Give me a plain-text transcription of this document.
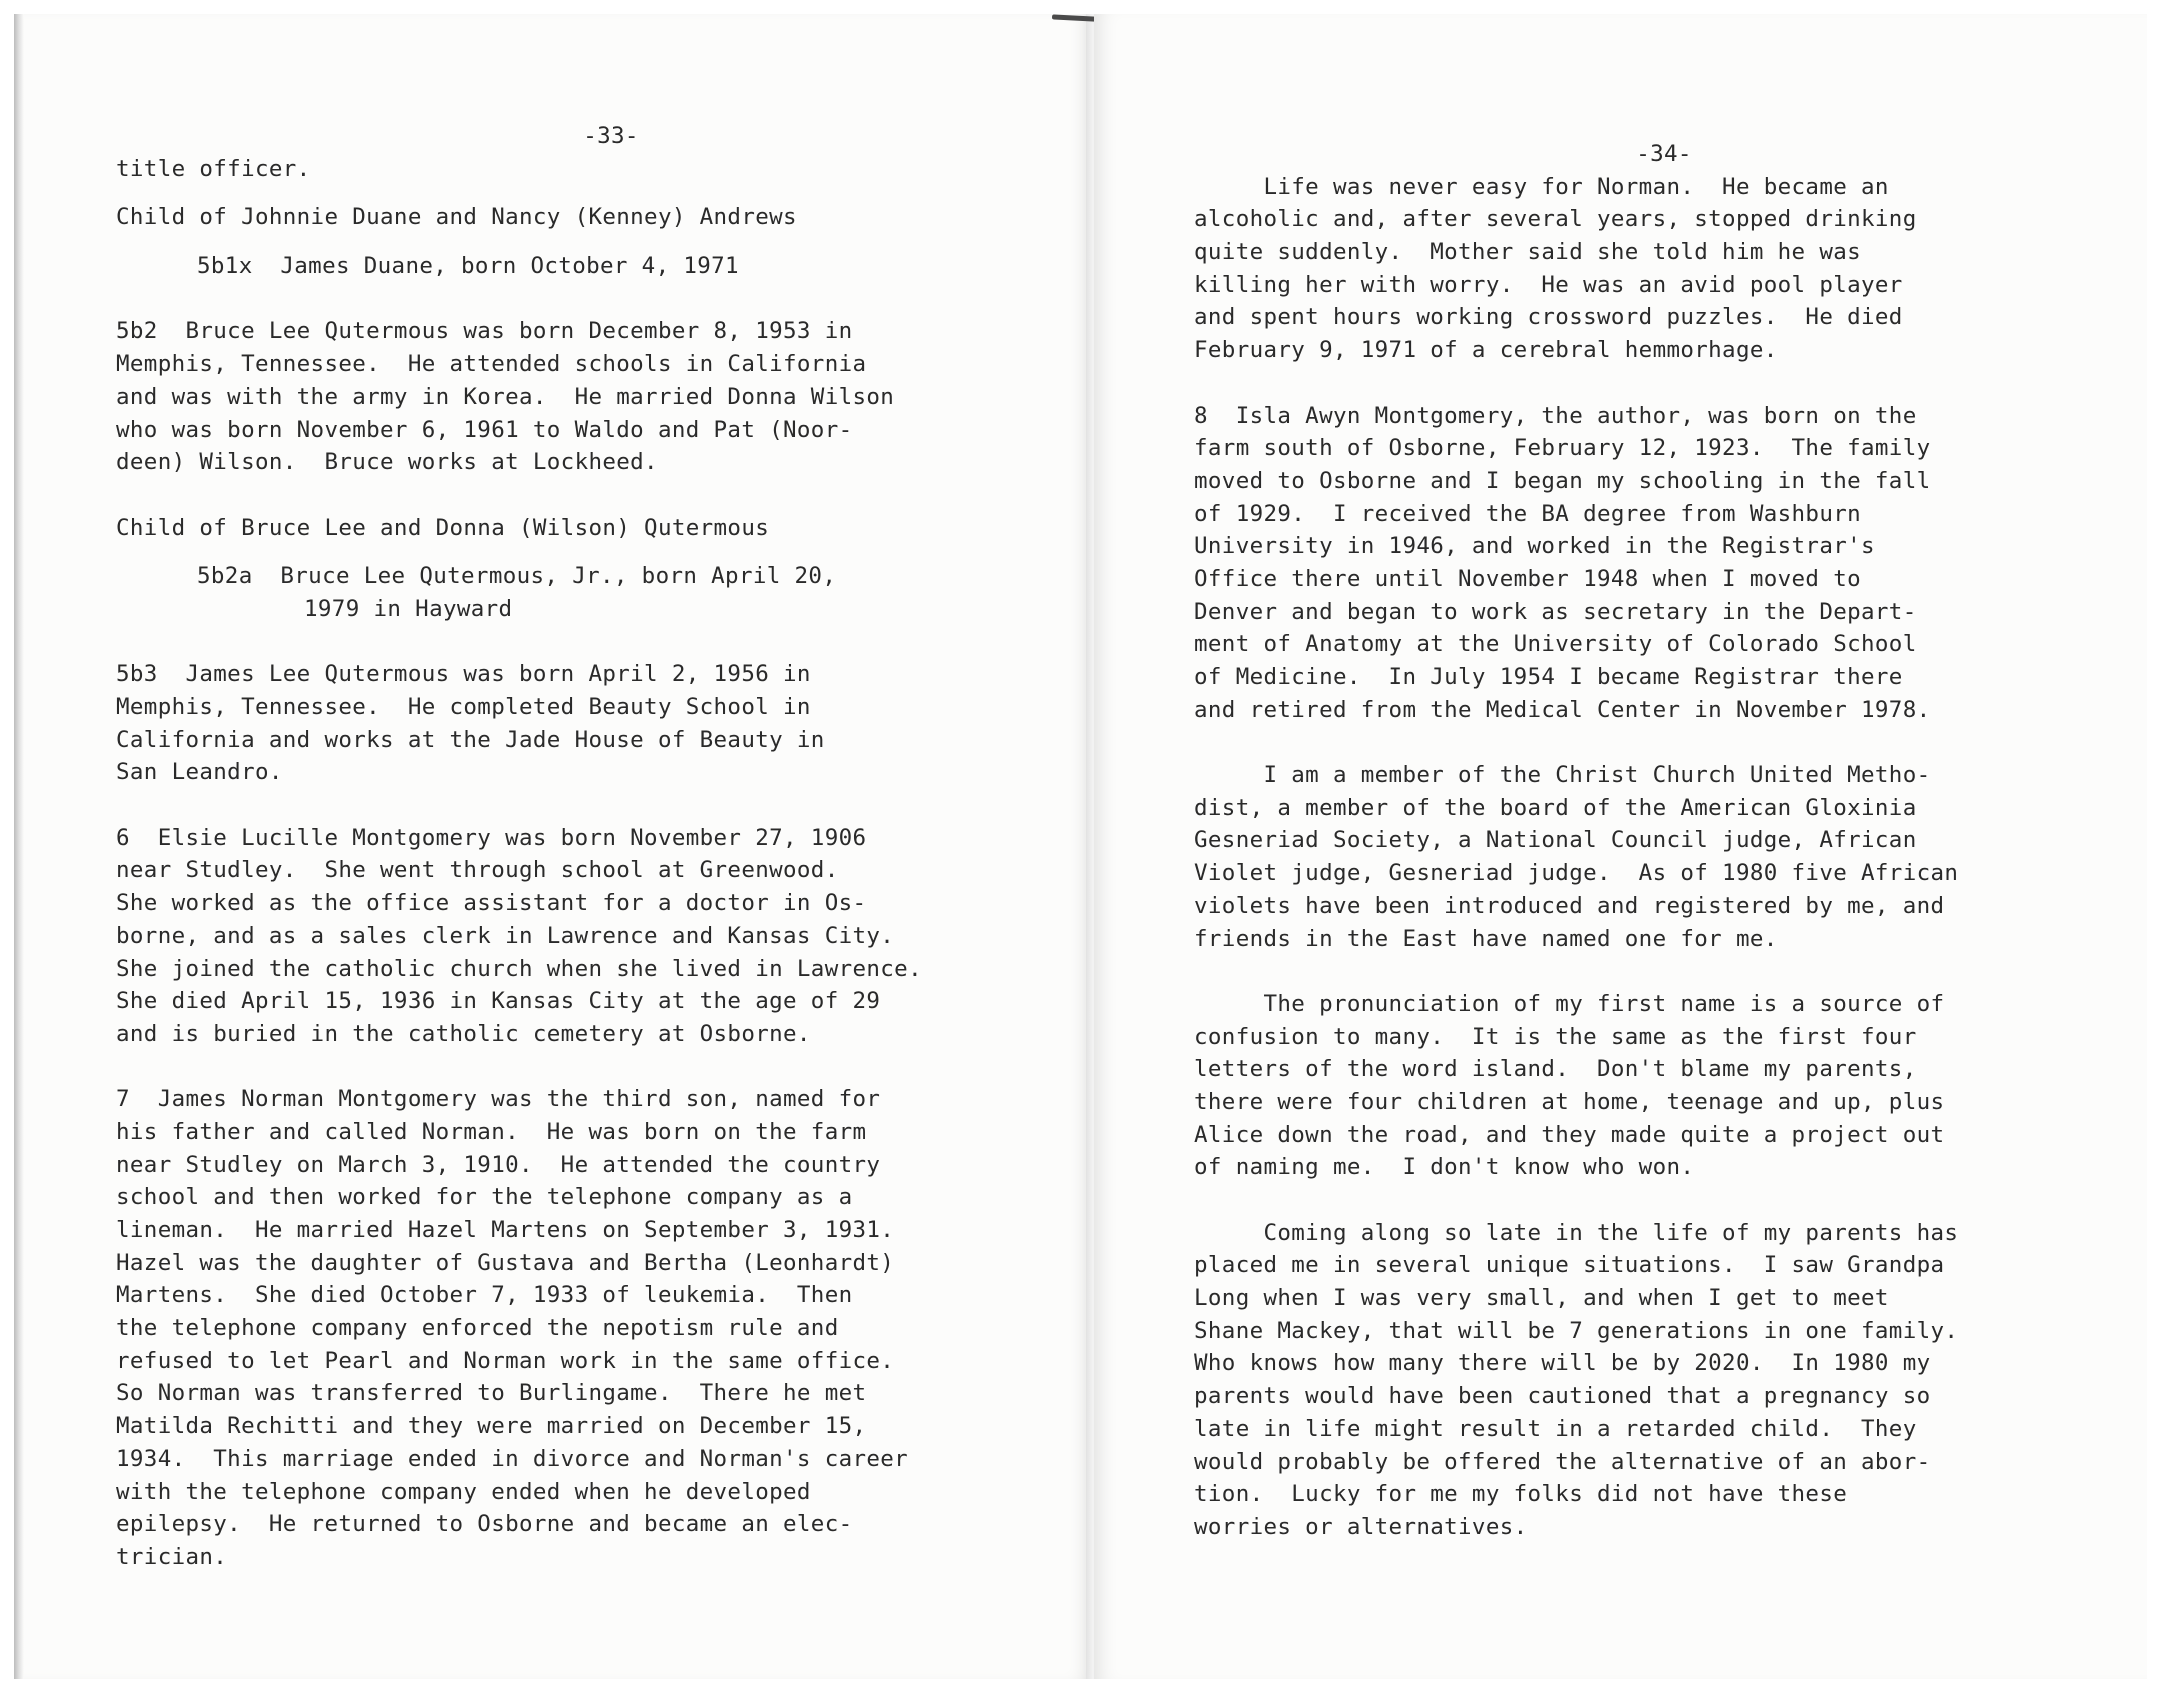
-33-
title officer.
Child of Johnnie Duane and Nancy (Kenney) Andrews
5b1x  James Duane, born October 4, 1971
5b2  Bruce Lee Qutermous was born December 8, 1953 in
Memphis, Tennessee.  He attended schools in California
and was with the army in Korea.  He married Donna Wilson
who was born November 6, 1961 to Waldo and Pat (Noor-
deen) Wilson.  Bruce works at Lockheed.
Child of Bruce Lee and Donna (Wilson) Qutermous
5b2a  Bruce Lee Qutermous, Jr., born April 20,
1979 in Hayward
5b3  James Lee Qutermous was born April 2, 1956 in
Memphis, Tennessee.  He completed Beauty School in
California and works at the Jade House of Beauty in
San Leandro.
6  Elsie Lucille Montgomery was born November 27, 1906
near Studley.  She went through school at Greenwood.
She worked as the office assistant for a doctor in Os-
borne, and as a sales clerk in Lawrence and Kansas City.
She joined the catholic church when she lived in Lawrence.
She died April 15, 1936 in Kansas City at the age of 29
and is buried in the catholic cemetery at Osborne.
7  James Norman Montgomery was the third son, named for
his father and called Norman.  He was born on the farm
near Studley on March 3, 1910.  He attended the country
school and then worked for the telephone company as a
lineman.  He married Hazel Martens on September 3, 1931.
Hazel was the daughter of Gustava and Bertha (Leonhardt)
Martens.  She died October 7, 1933 of leukemia.  Then
the telephone company enforced the nepotism rule and
refused to let Pearl and Norman work in the same office.
So Norman was transferred to Burlingame.  There he met
Matilda Rechitti and they were married on December 15,
1934.  This marriage ended in divorce and Norman's career
with the telephone company ended when he developed
epilepsy.  He returned to Osborne and became an elec-
trician.
-34-
Life was never easy for Norman.  He became an
alcoholic and, after several years, stopped drinking
quite suddenly.  Mother said she told him he was
killing her with worry.  He was an avid pool player
and spent hours working crossword puzzles.  He died
February 9, 1971 of a cerebral hemmorhage.
8  Isla Awyn Montgomery, the author, was born on the
farm south of Osborne, February 12, 1923.  The family
moved to Osborne and I began my schooling in the fall
of 1929.  I received the BA degree from Washburn
University in 1946, and worked in the Registrar's
Office there until November 1948 when I moved to
Denver and began to work as secretary in the Depart-
ment of Anatomy at the University of Colorado School
of Medicine.  In July 1954 I became Registrar there
and retired from the Medical Center in November 1978.
I am a member of the Christ Church United Metho-
dist, a member of the board of the American Gloxinia
Gesneriad Society, a National Council judge, African
Violet judge, Gesneriad judge.  As of 1980 five African
violets have been introduced and registered by me, and
friends in the East have named one for me.
The pronunciation of my first name is a source of
confusion to many.  It is the same as the first four
letters of the word island.  Don't blame my parents,
there were four children at home, teenage and up, plus
Alice down the road, and they made quite a project out
of naming me.  I don't know who won.
Coming along so late in the life of my parents has
placed me in several unique situations.  I saw Grandpa
Long when I was very small, and when I get to meet
Shane Mackey, that will be 7 generations in one family.
Who knows how many there will be by 2020.  In 1980 my
parents would have been cautioned that a pregnancy so
late in life might result in a retarded child.  They
would probably be offered the alternative of an abor-
tion.  Lucky for me my folks did not have these
worries or alternatives.
